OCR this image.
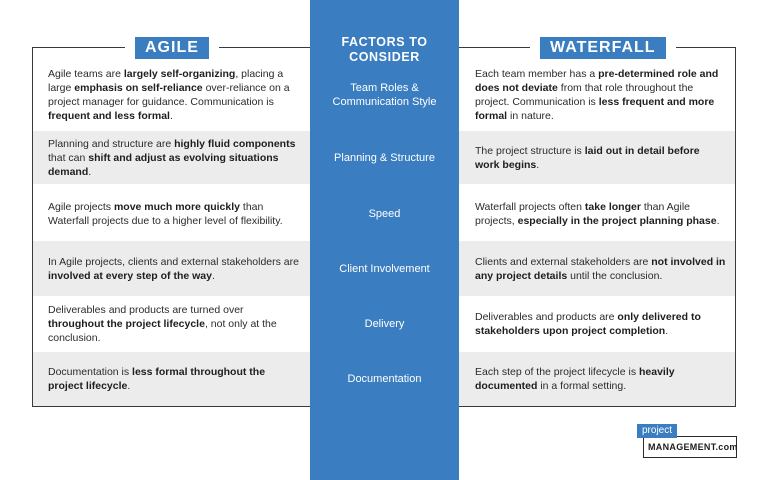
AGILE	WATERFALL
FACTORS TO
CONSIDER
Agile teams are largely self-organizing, placing a large emphasis on self-reliance over-reliance on a project manager for guidance. Communication is frequent and less formal.
Team Roles & Communication Style
Each team member has a pre-determined role and does not deviate from that role throughout the project. Communication is less frequent and more formal in nature.
Planning and structure are highly fluid components that can shift and adjust as evolving situations demand.
Planning & Structure
The project structure is laid out in detail before work begins.
Agile projects move much more quickly than Waterfall projects due to a higher level of flexibility.
Speed
Waterfall projects often take longer than Agile projects, especially in the project planning phase.
In Agile projects, clients and external stakeholders are involved at every step of the way.
Client Involvement
Clients and external stakeholders are not involved in any project details until the conclusion.
Deliverables and products are turned over throughout the project lifecycle, not only at the conclusion.
Delivery
Deliverables and products are only delivered to stakeholders upon project completion.
Documentation is less formal throughout the project lifecycle.
Documentation
Each step of the project lifecycle is heavily documented in a formal setting.
project
MANAGEMENT.com
